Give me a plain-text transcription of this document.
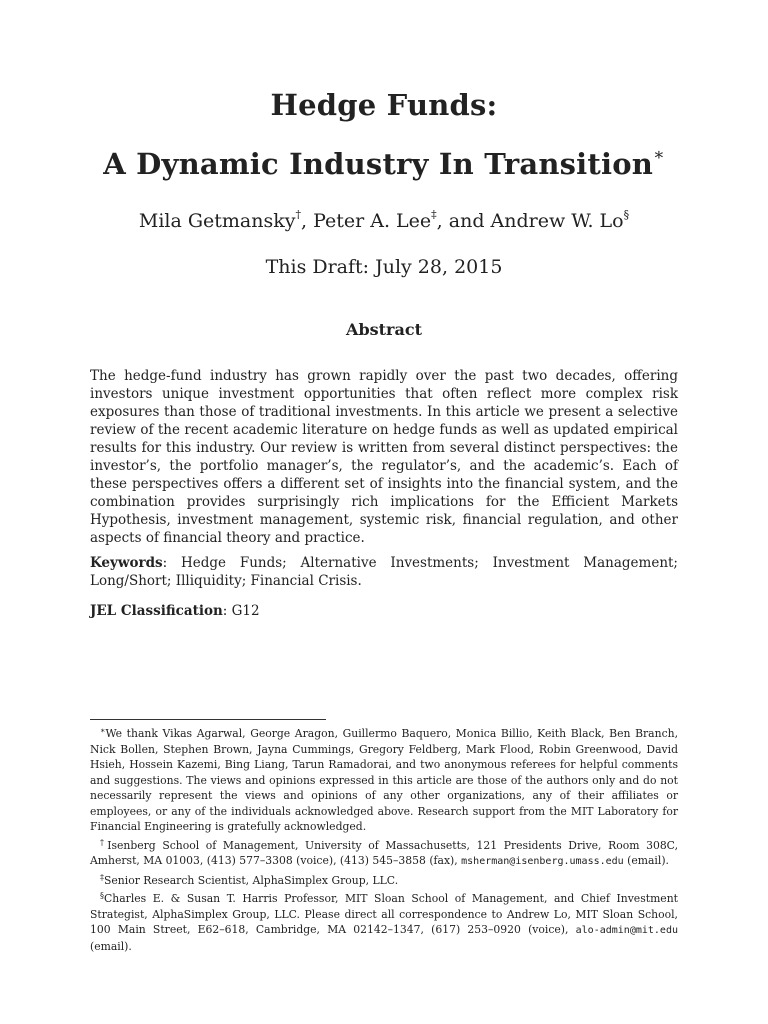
Hedge Funds:
A Dynamic Industry In Transition∗
Mila Getmansky†, Peter A. Lee‡, and Andrew W. Lo§
This Draft: July 28, 2015
Abstract
The hedge-fund industry has grown rapidly over the past two decades, offering investors unique investment opportunities that often reflect more complex risk exposures than those of traditional investments. In this article we present a selective review of the recent academic literature on hedge funds as well as updated empirical results for this industry. Our review is written from several distinct perspectives: the investor’s, the portfolio manager’s, the regulator’s, and the academic’s. Each of these perspectives offers a different set of insights into the financial system, and the combination provides surprisingly rich implications for the Efficient Markets Hypothesis, investment management, systemic risk, financial regulation, and other aspects of financial theory and practice.
Keywords: Hedge Funds; Alternative Investments; Investment Management; Long/Short; Illiquidity; Financial Crisis.
JEL Classification: G12

∗We thank Vikas Agarwal, George Aragon, Guillermo Baquero, Monica Billio, Keith Black, Ben Branch, Nick Bollen, Stephen Brown, Jayna Cummings, Gregory Feldberg, Mark Flood, Robin Greenwood, David Hsieh, Hossein Kazemi, Bing Liang, Tarun Ramadorai, and two anonymous referees for helpful comments and suggestions. The views and opinions expressed in this article are those of the authors only and do not necessarily represent the views and opinions of any other organizations, any of their affiliates or employees, or any of the individuals acknowledged above. Research support from the MIT Laboratory for Financial Engineering is gratefully acknowledged.

†Isenberg School of Management, University of Massachusetts, 121 Presidents Drive, Room 308C, Amherst, MA 01003, (413) 577–3308 (voice), (413) 545–3858 (fax), msherman@isenberg.umass.edu (email).

‡Senior Research Scientist, AlphaSimplex Group, LLC.

§Charles E. & Susan T. Harris Professor, MIT Sloan School of Management, and Chief Investment Strategist, AlphaSimplex Group, LLC. Please direct all correspondence to Andrew Lo, MIT Sloan School, 100 Main Street, E62–618, Cambridge, MA 02142–1347, (617) 253–0920 (voice), alo-admin@mit.edu (email).
